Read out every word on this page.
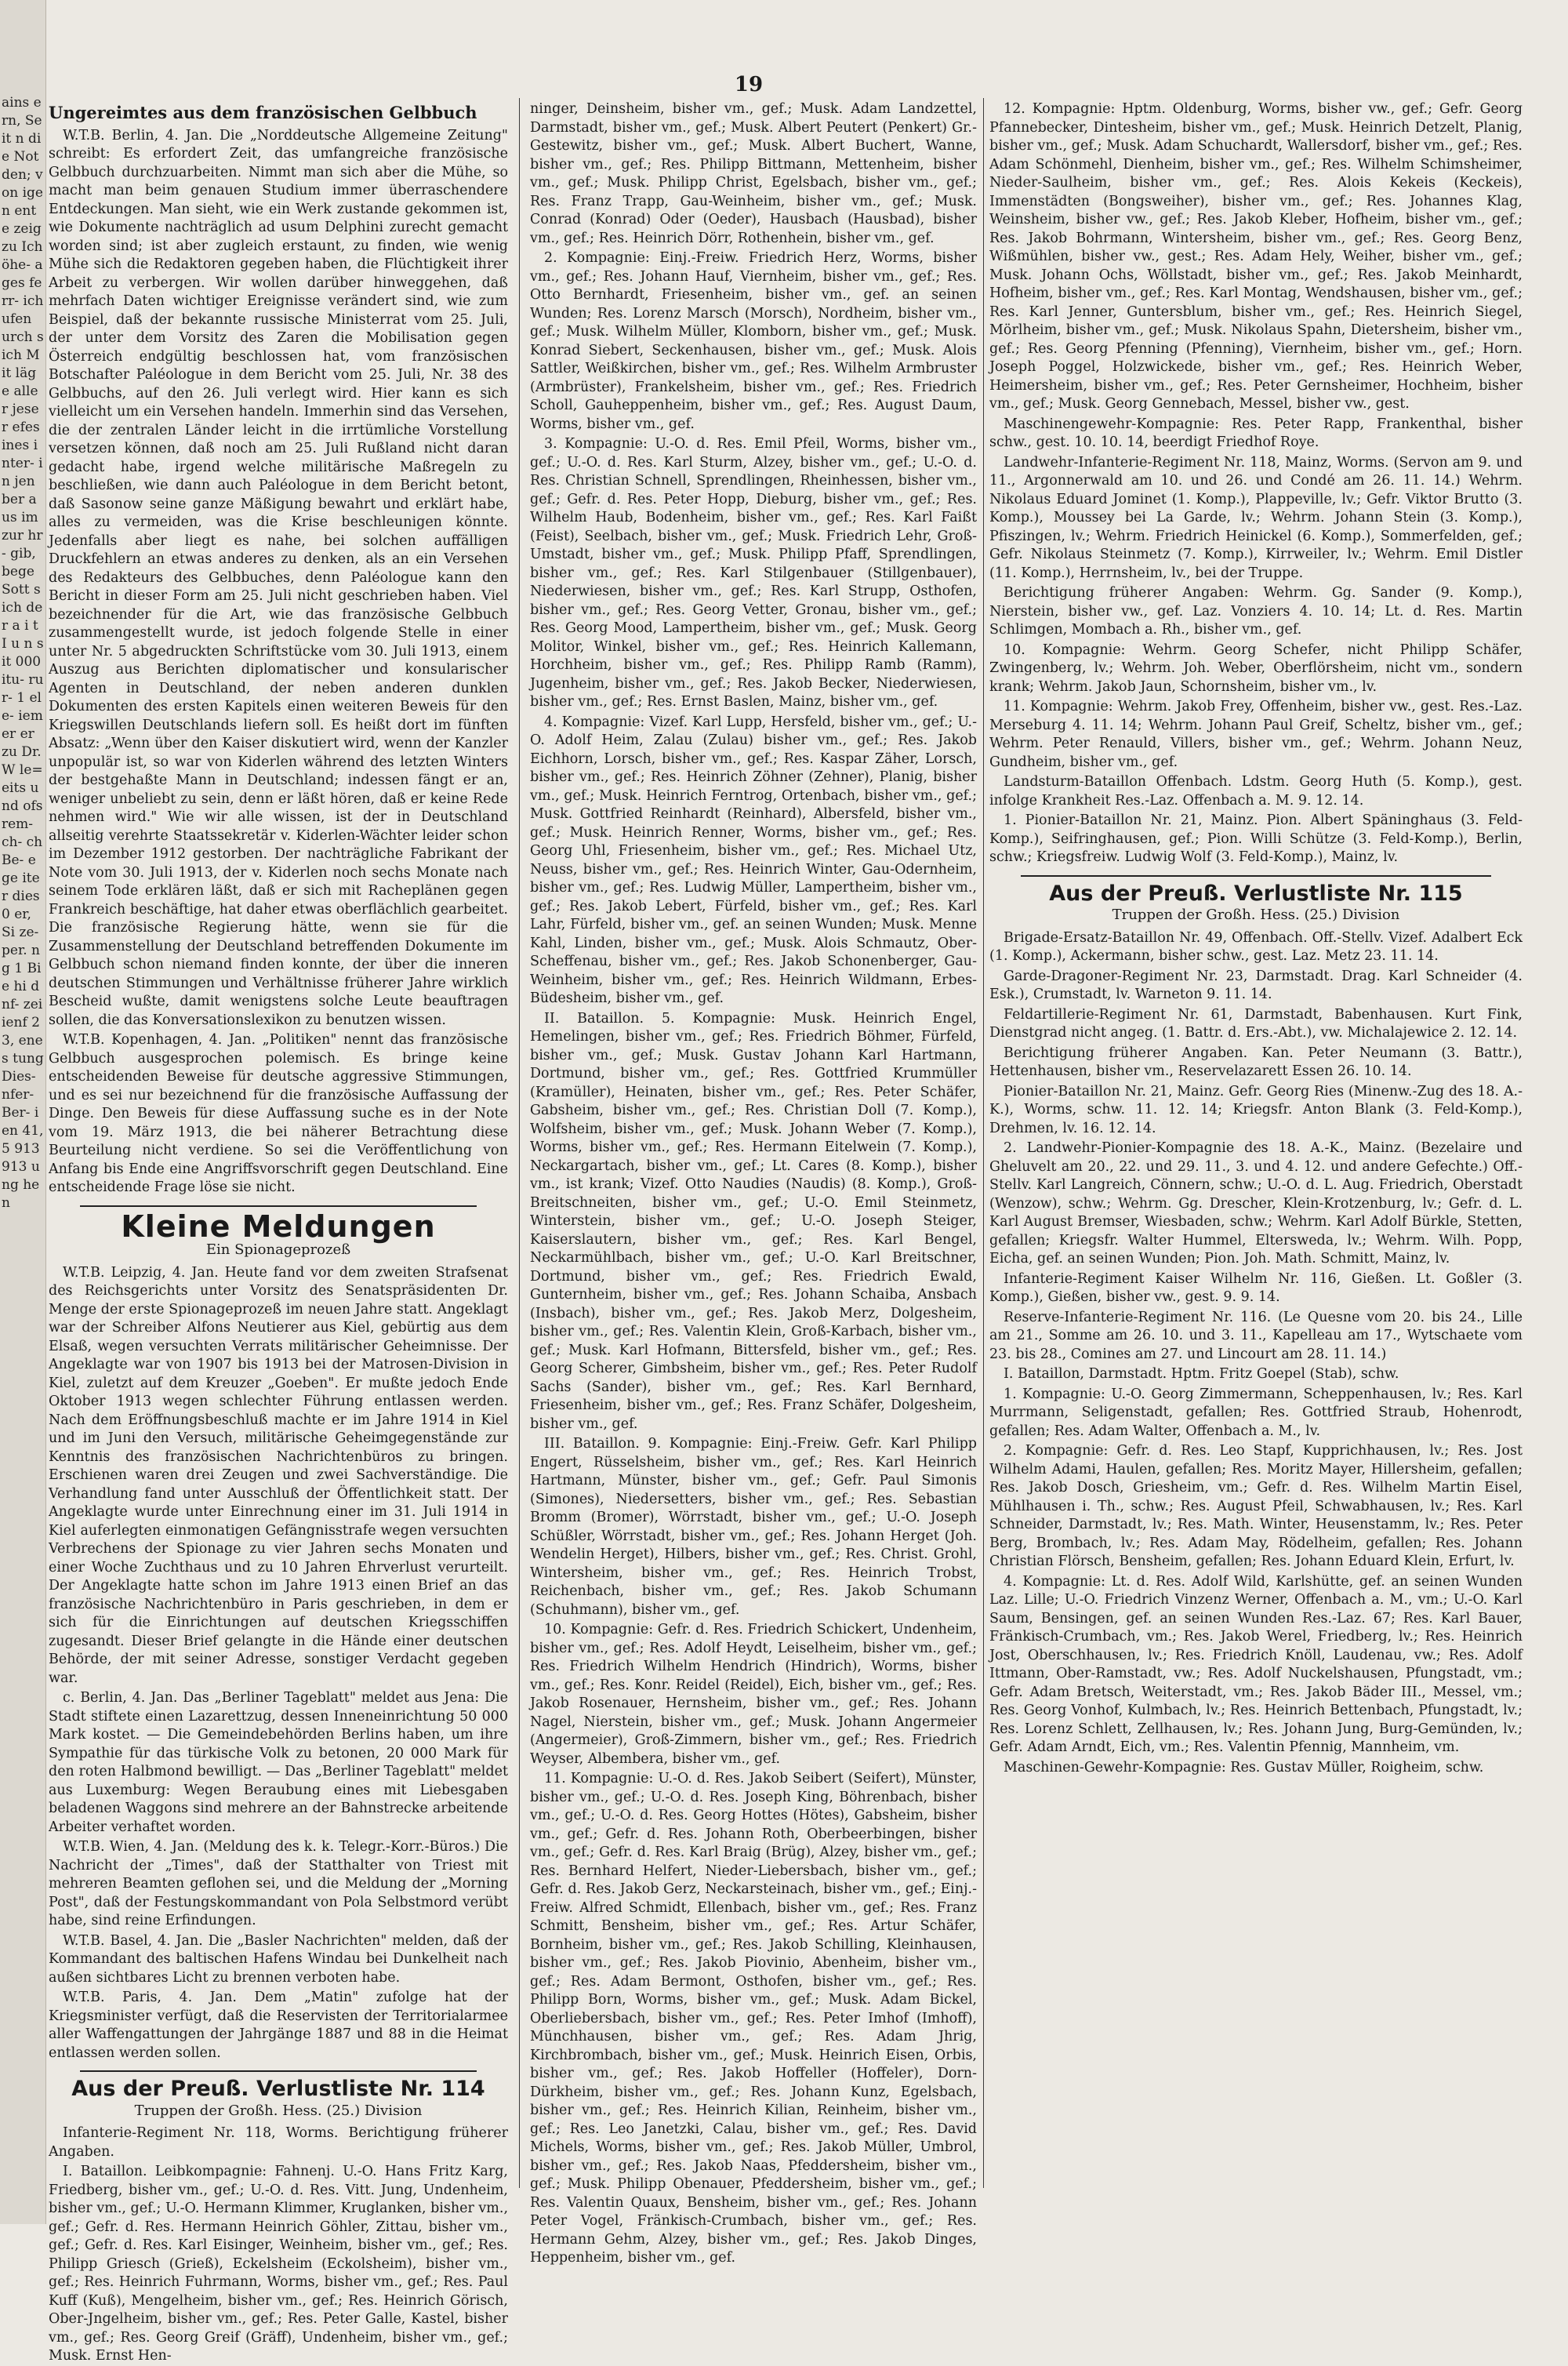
ains ern, Seit n die Not den; von igen ente zeig zu Ich öhe- ages ferr- ich ufen urch sich Mit läge aller jeser efes ines inter- in jen ber aus im zur hr- gib, bege Sott sich der a i t I u n sit 000 itu- rur- 1 ele- iem er er zu Dr. W le= eits und ofs rem- ch- ch Be- ege iter dies 0 er, Si ze- per. ng 1 Bie hi d nf- zei ienf 23, enes tung Dies- nfer- Ber- ien 41,5 913 913 ung hen
19
Ungereimtes aus dem französischen Gelbbuch

W.T.B. Berlin, 4. Jan. Die „Norddeutsche Allgemeine Zeitung" schreibt: Es erfordert Zeit, das umfangreiche französische Gelbbuch durchzuarbeiten. Nimmt man sich aber die Mühe, so macht man beim genauen Studium immer überraschendere Entdeckungen. Man sieht, wie ein Werk zustande gekommen ist, wie Dokumente nachträglich ad usum Delphini zurecht gemacht worden sind; ist aber zugleich erstaunt, zu finden, wie wenig Mühe sich die Redaktoren gegeben haben, die Flüchtigkeit ihrer Arbeit zu verbergen. Wir wollen darüber hinweggehen, daß mehrfach Daten wichtiger Ereignisse verändert sind, wie zum Beispiel, daß der bekannte russische Ministerrat vom 25. Juli, der unter dem Vorsitz des Zaren die Mobilisation gegen Österreich endgültig beschlossen hat, vom französischen Botschafter Paléologue in dem Bericht vom 25. Juli, Nr. 38 des Gelbbuchs, auf den 26. Juli verlegt wird. Hier kann es sich vielleicht um ein Versehen handeln. Immerhin sind das Versehen, die der zentralen Länder leicht in die irrtümliche Vorstellung versetzen können, daß noch am 25. Juli Rußland nicht daran gedacht habe, irgend welche militärische Maßregeln zu beschließen, wie dann auch Paléologue in dem Bericht betont, daß Sasonow seine ganze Mäßigung bewahrt und erklärt habe, alles zu vermeiden, was die Krise beschleunigen könnte. Jedenfalls aber liegt es nahe, bei solchen auffälligen Druckfehlern an etwas anderes zu denken, als an ein Versehen des Redakteurs des Gelbbuches, denn Paléologue kann den Bericht in dieser Form am 25. Juli nicht geschrieben haben. Viel bezeichnender für die Art, wie das französische Gelbbuch zusammengestellt wurde, ist jedoch folgende Stelle in einer unter Nr. 5 abgedruckten Schriftstücke vom 30. Juli 1913, einem Auszug aus Berichten diplomatischer und konsularischer Agenten in Deutschland, der neben anderen dunklen Dokumenten des ersten Kapitels einen weiteren Beweis für den Kriegswillen Deutschlands liefern soll. Es heißt dort im fünften Absatz: „Wenn über den Kaiser diskutiert wird, wenn der Kanzler unpopulär ist, so war von Kiderlen während des letzten Winters der bestgehaßte Mann in Deutschland; indessen fängt er an, weniger unbeliebt zu sein, denn er läßt hören, daß er keine Rede nehmen wird." Wie wir alle wissen, ist der in Deutschland allseitig verehrte Staatssekretär v. Kiderlen-Wächter leider schon im Dezember 1912 gestorben. Der nachträgliche Fabrikant der Note vom 30. Juli 1913, der v. Kiderlen noch sechs Monate nach seinem Tode erklären läßt, daß er sich mit Racheplänen gegen Frankreich beschäftige, hat daher etwas oberflächlich gearbeitet. Die französische Regierung hätte, wenn sie für die Zusammenstellung der Deutschland betreffenden Dokumente im Gelbbuch schon niemand finden konnte, der über die inneren deutschen Stimmungen und Verhältnisse früherer Jahre wirklich Bescheid wußte, damit wenigstens solche Leute beauftragen sollen, die das Konversationslexikon zu benutzen wissen.

W.T.B. Kopenhagen, 4. Jan. „Politiken" nennt das französische Gelbbuch ausgesprochen polemisch. Es bringe keine entscheidenden Beweise für deutsche aggressive Stimmungen, und es sei nur bezeichnend für die französische Auffassung der Dinge. Den Beweis für diese Auffassung suche es in der Note vom 19. März 1913, die bei näherer Betrachtung diese Beurteilung nicht verdiene. So sei die Veröffentlichung von Anfang bis Ende eine Angriffsvorschrift gegen Deutschland. Eine entscheidende Frage löse sie nicht.

Kleine Meldungen
Ein Spionageprozeß

W.T.B. Leipzig, 4. Jan. Heute fand vor dem zweiten Strafsenat des Reichsgerichts unter Vorsitz des Senatspräsidenten Dr. Menge der erste Spionageprozeß im neuen Jahre statt. Angeklagt war der Schreiber Alfons Neutierer aus Kiel, gebürtig aus dem Elsaß, wegen versuchten Verrats militärischer Geheimnisse. Der Angeklagte war von 1907 bis 1913 bei der Matrosen-Division in Kiel, zuletzt auf dem Kreuzer „Goeben". Er mußte jedoch Ende Oktober 1913 wegen schlechter Führung entlassen werden. Nach dem Eröffnungsbeschluß machte er im Jahre 1914 in Kiel und im Juni den Versuch, militärische Geheimgegenstände zur Kenntnis des französischen Nachrichtenbüros zu bringen. Erschienen waren drei Zeugen und zwei Sachverständige. Die Verhandlung fand unter Ausschluß der Öffentlichkeit statt. Der Angeklagte wurde unter Einrechnung einer im 31. Juli 1914 in Kiel auferlegten einmonatigen Gefängnisstrafe wegen versuchten Verbrechens der Spionage zu vier Jahren sechs Monaten und einer Woche Zuchthaus und zu 10 Jahren Ehrverlust verurteilt. Der Angeklagte hatte schon im Jahre 1913 einen Brief an das französische Nachrichtenbüro in Paris geschrieben, in dem er sich für die Einrichtungen auf deutschen Kriegsschiffen zugesandt. Dieser Brief gelangte in die Hände einer deutschen Behörde, der mit seiner Adresse, sonstiger Verdacht gegeben war.

c. Berlin, 4. Jan. Das „Berliner Tageblatt" meldet aus Jena: Die Stadt stiftete einen Lazarettzug, dessen Inneneinrichtung 50 000 Mark kostet. — Die Gemeindebehörden Berlins haben, um ihre Sympathie für das türkische Volk zu betonen, 20 000 Mark für den roten Halbmond bewilligt. — Das „Berliner Tageblatt" meldet aus Luxemburg: Wegen Beraubung eines mit Liebesgaben beladenen Waggons sind mehrere an der Bahnstrecke arbeitende Arbeiter verhaftet worden.

W.T.B. Wien, 4. Jan. (Meldung des k. k. Telegr.-Korr.-Büros.) Die Nachricht der „Times", daß der Statthalter von Triest mit mehreren Beamten geflohen sei, und die Meldung der „Morning Post", daß der Festungskommandant von Pola Selbstmord verübt habe, sind reine Erfindungen.

W.T.B. Basel, 4. Jan. Die „Basler Nachrichten" melden, daß der Kommandant des baltischen Hafens Windau bei Dunkelheit nach außen sichtbares Licht zu brennen verboten habe.

W.T.B. Paris, 4. Jan. Dem „Matin" zufolge hat der Kriegsminister verfügt, daß die Reservisten der Territorialarmee aller Waffengattungen der Jahrgänge 1887 und 88 in die Heimat entlassen werden sollen.

Aus der Preuß. Verlustliste Nr. 114
Truppen der Großh. Hess. (25.) Division

Infanterie-Regiment Nr. 118, Worms. Berichtigung früherer Angaben.

I. Bataillon. Leibkompagnie: Fahnenj. U.-O. Hans Fritz Karg, Friedberg, bisher vm., gef.; U.-O. d. Res. Vitt. Jung, Undenheim, bisher vm., gef.; U.-O. Hermann Klimmer, Kruglanken, bisher vm., gef.; Gefr. d. Res. Hermann Heinrich Göhler, Zittau, bisher vm., gef.; Gefr. d. Res. Karl Eisinger, Weinheim, bisher vm., gef.; Res. Philipp Griesch (Grieß), Eckelsheim (Eckolsheim), bisher vm., gef.; Res. Heinrich Fuhrmann, Worms, bisher vm., gef.; Res. Paul Kuff (Kuß), Mengelheim, bisher vm., gef.; Res. Heinrich Görisch, Ober-Jngelheim, bisher vm., gef.; Res. Peter Galle, Kastel, bisher vm., gef.; Res. Georg Greif (Gräff), Undenheim, bisher vm., gef.; Musk. Ernst Hen-

ninger, Deinsheim, bisher vm., gef.; Musk. Adam Landzettel, Darmstadt, bisher vm., gef.; Musk. Albert Peutert (Penkert) Gr.-Gestewitz, bisher vm., gef.; Musk. Albert Buchert, Wanne, bisher vm., gef.; Res. Philipp Bittmann, Mettenheim, bisher vm., gef.; Musk. Philipp Christ, Egelsbach, bisher vm., gef.; Res. Franz Trapp, Gau-Weinheim, bisher vm., gef.; Musk. Conrad (Konrad) Oder (Oeder), Hausbach (Hausbad), bisher vm., gef.; Res. Heinrich Dörr, Rothenhein, bisher vm., gef.

2. Kompagnie: Einj.-Freiw. Friedrich Herz, Worms, bisher vm., gef.; Res. Johann Hauf, Viernheim, bisher vm., gef.; Res. Otto Bernhardt, Friesenheim, bisher vm., gef. an seinen Wunden; Res. Lorenz Marsch (Morsch), Nordheim, bisher vm., gef.; Musk. Wilhelm Müller, Klomborn, bisher vm., gef.; Musk. Konrad Siebert, Seckenhausen, bisher vm., gef.; Musk. Alois Sattler, Weißkirchen, bisher vm., gef.; Res. Wilhelm Armbruster (Armbrüster), Frankelsheim, bisher vm., gef.; Res. Friedrich Scholl, Gauheppenheim, bisher vm., gef.; Res. August Daum, Worms, bisher vm., gef.

3. Kompagnie: U.-O. d. Res. Emil Pfeil, Worms, bisher vm., gef.; U.-O. d. Res. Karl Sturm, Alzey, bisher vm., gef.; U.-O. d. Res. Christian Schnell, Sprendlingen, Rheinhessen, bisher vm., gef.; Gefr. d. Res. Peter Hopp, Dieburg, bisher vm., gef.; Res. Wilhelm Haub, Bodenheim, bisher vm., gef.; Res. Karl Faißt (Feist), Seelbach, bisher vm., gef.; Musk. Friedrich Lehr, Groß-Umstadt, bisher vm., gef.; Musk. Philipp Pfaff, Sprendlingen, bisher vm., gef.; Res. Karl Stilgenbauer (Stillgenbauer), Niederwiesen, bisher vm., gef.; Res. Karl Strupp, Osthofen, bisher vm., gef.; Res. Georg Vetter, Gronau, bisher vm., gef.; Res. Georg Mood, Lampertheim, bisher vm., gef.; Musk. Georg Molitor, Winkel, bisher vm., gef.; Res. Heinrich Kallemann, Horchheim, bisher vm., gef.; Res. Philipp Ramb (Ramm), Jugenheim, bisher vm., gef.; Res. Jakob Becker, Niederwiesen, bisher vm., gef.; Res. Ernst Baslen, Mainz, bisher vm., gef.

4. Kompagnie: Vizef. Karl Lupp, Hersfeld, bisher vm., gef.; U.-O. Adolf Heim, Zalau (Zulau) bisher vm., gef.; Res. Jakob Eichhorn, Lorsch, bisher vm., gef.; Res. Kaspar Zäher, Lorsch, bisher vm., gef.; Res. Heinrich Zöhner (Zehner), Planig, bisher vm., gef.; Musk. Heinrich Ferntrog, Ortenbach, bisher vm., gef.; Musk. Gottfried Reinhardt (Reinhard), Albersfeld, bisher vm., gef.; Musk. Heinrich Renner, Worms, bisher vm., gef.; Res. Georg Uhl, Friesenheim, bisher vm., gef.; Res. Michael Utz, Neuss, bisher vm., gef.; Res. Heinrich Winter, Gau-Odernheim, bisher vm., gef.; Res. Ludwig Müller, Lampertheim, bisher vm., gef.; Res. Jakob Lebert, Fürfeld, bisher vm., gef.; Res. Karl Lahr, Fürfeld, bisher vm., gef. an seinen Wunden; Musk. Menne Kahl, Linden, bisher vm., gef.; Musk. Alois Schmautz, Ober-Scheffenau, bisher vm., gef.; Res. Jakob Schonenberger, Gau-Weinheim, bisher vm., gef.; Res. Heinrich Wildmann, Erbes-Büdesheim, bisher vm., gef.

II. Bataillon. 5. Kompagnie: Musk. Heinrich Engel, Hemelingen, bisher vm., gef.; Res. Friedrich Böhmer, Fürfeld, bisher vm., gef.; Musk. Gustav Johann Karl Hartmann, Dortmund, bisher vm., gef.; Res. Gottfried Krummüller (Kramüller), Heinaten, bisher vm., gef.; Res. Peter Schäfer, Gabsheim, bisher vm., gef.; Res. Christian Doll (7. Komp.), Wolfsheim, bisher vm., gef.; Musk. Johann Weber (7. Komp.), Worms, bisher vm., gef.; Res. Hermann Eitelwein (7. Komp.), Neckargartach, bisher vm., gef.; Lt. Cares (8. Komp.), bisher vm., ist krank; Vizef. Otto Naudies (Naudis) (8. Komp.), Groß-Breitschneiten, bisher vm., gef.; U.-O. Emil Steinmetz, Winterstein, bisher vm., gef.; U.-O. Joseph Steiger, Kaiserslautern, bisher vm., gef.; Res. Karl Bengel, Neckarmühlbach, bisher vm., gef.; U.-O. Karl Breitschner, Dortmund, bisher vm., gef.; Res. Friedrich Ewald, Gunternheim, bisher vm., gef.; Res. Johann Schaiba, Ansbach (Insbach), bisher vm., gef.; Res. Jakob Merz, Dolgesheim, bisher vm., gef.; Res. Valentin Klein, Groß-Karbach, bisher vm., gef.; Musk. Karl Hofmann, Bittersfeld, bisher vm., gef.; Res. Georg Scherer, Gimbsheim, bisher vm., gef.; Res. Peter Rudolf Sachs (Sander), bisher vm., gef.; Res. Karl Bernhard, Friesenheim, bisher vm., gef.; Res. Franz Schäfer, Dolgesheim, bisher vm., gef.

III. Bataillon. 9. Kompagnie: Einj.-Freiw. Gefr. Karl Philipp Engert, Rüsselsheim, bisher vm., gef.; Res. Karl Heinrich Hartmann, Münster, bisher vm., gef.; Gefr. Paul Simonis (Simones), Niedersetters, bisher vm., gef.; Res. Sebastian Bromm (Bromer), Wörrstadt, bisher vm., gef.; U.-O. Joseph Schüßler, Wörrstadt, bisher vm., gef.; Res. Johann Herget (Joh. Wendelin Herget), Hilbers, bisher vm., gef.; Res. Christ. Grohl, Wintersheim, bisher vm., gef.; Res. Heinrich Trobst, Reichenbach, bisher vm., gef.; Res. Jakob Schumann (Schuhmann), bisher vm., gef.

10. Kompagnie: Gefr. d. Res. Friedrich Schickert, Undenheim, bisher vm., gef.; Res. Adolf Heydt, Leiselheim, bisher vm., gef.; Res. Friedrich Wilhelm Hendrich (Hindrich), Worms, bisher vm., gef.; Res. Konr. Reidel (Reidel), Eich, bisher vm., gef.; Res. Jakob Rosenauer, Hernsheim, bisher vm., gef.; Res. Johann Nagel, Nierstein, bisher vm., gef.; Musk. Johann Angermeier (Angermeier), Groß-Zimmern, bisher vm., gef.; Res. Friedrich Weyser, Albembera, bisher vm., gef.

11. Kompagnie: U.-O. d. Res. Jakob Seibert (Seifert), Münster, bisher vm., gef.; U.-O. d. Res. Joseph King, Böhrenbach, bisher vm., gef.; U.-O. d. Res. Georg Hottes (Hötes), Gabsheim, bisher vm., gef.; Gefr. d. Res. Johann Roth, Oberbeerbingen, bisher vm., gef.; Gefr. d. Res. Karl Braig (Brüg), Alzey, bisher vm., gef.; Res. Bernhard Helfert, Nieder-Liebersbach, bisher vm., gef.; Gefr. d. Res. Jakob Gerz, Neckarsteinach, bisher vm., gef.; Einj.-Freiw. Alfred Schmidt, Ellenbach, bisher vm., gef.; Res. Franz Schmitt, Bensheim, bisher vm., gef.; Res. Artur Schäfer, Bornheim, bisher vm., gef.; Res. Jakob Schilling, Kleinhausen, bisher vm., gef.; Res. Jakob Piovinio, Abenheim, bisher vm., gef.; Res. Adam Bermont, Osthofen, bisher vm., gef.; Res. Philipp Born, Worms, bisher vm., gef.; Musk. Adam Bickel, Oberliebersbach, bisher vm., gef.; Res. Peter Imhof (Imhoff), Münchhausen, bisher vm., gef.; Res. Adam Jhrig, Kirchbrombach, bisher vm., gef.; Musk. Heinrich Eisen, Orbis, bisher vm., gef.; Res. Jakob Hoffeller (Hoffeler), Dorn-Dürkheim, bisher vm., gef.; Res. Johann Kunz, Egelsbach, bisher vm., gef.; Res. Heinrich Kilian, Reinheim, bisher vm., gef.; Res. Leo Janetzki, Calau, bisher vm., gef.; Res. David Michels, Worms, bisher vm., gef.; Res. Jakob Müller, Umbrol, bisher vm., gef.; Res. Jakob Naas, Pfeddersheim, bisher vm., gef.; Musk. Philipp Obenauer, Pfeddersheim, bisher vm., gef.; Res. Valentin Quaux, Bensheim, bisher vm., gef.; Res. Johann Peter Vogel, Fränkisch-Crumbach, bisher vm., gef.; Res. Hermann Gehm, Alzey, bisher vm., gef.; Res. Jakob Dinges, Heppenheim, bisher vm., gef.

12. Kompagnie: Hptm. Oldenburg, Worms, bisher vw., gef.; Gefr. Georg Pfannebecker, Dintesheim, bisher vm., gef.; Musk. Heinrich Detzelt, Planig, bisher vm., gef.; Musk. Adam Schuchardt, Wallersdorf, bisher vm., gef.; Res. Adam Schönmehl, Dienheim, bisher vm., gef.; Res. Wilhelm Schimsheimer, Nieder-Saulheim, bisher vm., gef.; Res. Alois Kekeis (Keckeis), Immenstädten (Bongsweiher), bisher vm., gef.; Res. Johannes Klag, Weinsheim, bisher vw., gef.; Res. Jakob Kleber, Hofheim, bisher vm., gef.; Res. Jakob Bohrmann, Wintersheim, bisher vm., gef.; Res. Georg Benz, Wißmühlen, bisher vw., gest.; Res. Adam Hely, Weiher, bisher vm., gef.; Musk. Johann Ochs, Wöllstadt, bisher vm., gef.; Res. Jakob Meinhardt, Hofheim, bisher vm., gef.; Res. Karl Montag, Wendshausen, bisher vm., gef.; Res. Karl Jenner, Guntersblum, bisher vm., gef.; Res. Heinrich Siegel, Mörlheim, bisher vm., gef.; Musk. Nikolaus Spahn, Dietersheim, bisher vm., gef.; Res. Georg Pfenning (Pfenning), Viernheim, bisher vm., gef.; Horn. Joseph Poggel, Holzwickede, bisher vm., gef.; Res. Heinrich Weber, Heimersheim, bisher vm., gef.; Res. Peter Gernsheimer, Hochheim, bisher vm., gef.; Musk. Georg Gennebach, Messel, bisher vw., gest.

Maschinengewehr-Kompagnie: Res. Peter Rapp, Frankenthal, bisher schw., gest. 10. 10. 14, beerdigt Friedhof Roye.

Landwehr-Infanterie-Regiment Nr. 118, Mainz, Worms. (Servon am 9. und 11., Argonnerwald am 10. und 26. und Condé am 26. 11. 14.) Wehrm. Nikolaus Eduard Jominet (1. Komp.), Plappeville, lv.; Gefr. Viktor Brutto (3. Komp.), Moussey bei La Garde, lv.; Wehrm. Johann Stein (3. Komp.), Pfiszingen, lv.; Wehrm. Friedrich Heinickel (6. Komp.), Sommerfelden, gef.; Gefr. Nikolaus Steinmetz (7. Komp.), Kirrweiler, lv.; Wehrm. Emil Distler (11. Komp.), Herrnsheim, lv., bei der Truppe.

Berichtigung früherer Angaben: Wehrm. Gg. Sander (9. Komp.), Nierstein, bisher vw., gef. Laz. Vonziers 4. 10. 14; Lt. d. Res. Martin Schlimgen, Mombach a. Rh., bisher vm., gef.

10. Kompagnie: Wehrm. Georg Schefer, nicht Philipp Schäfer, Zwingenberg, lv.; Wehrm. Joh. Weber, Oberflörsheim, nicht vm., sondern krank; Wehrm. Jakob Jaun, Schornsheim, bisher vm., lv.

11. Kompagnie: Wehrm. Jakob Frey, Offenheim, bisher vw., gest. Res.-Laz. Merseburg 4. 11. 14; Wehrm. Johann Paul Greif, Scheltz, bisher vm., gef.; Wehrm. Peter Renauld, Villers, bisher vm., gef.; Wehrm. Johann Neuz, Gundheim, bisher vm., gef.

Landsturm-Bataillon Offenbach. Ldstm. Georg Huth (5. Komp.), gest. infolge Krankheit Res.-Laz. Offenbach a. M. 9. 12. 14.

1. Pionier-Bataillon Nr. 21, Mainz. Pion. Albert Späninghaus (3. Feld-Komp.), Seifringhausen, gef.; Pion. Willi Schütze (3. Feld-Komp.), Berlin, schw.; Kriegsfreiw. Ludwig Wolf (3. Feld-Komp.), Mainz, lv.

Aus der Preuß. Verlustliste Nr. 115
Truppen der Großh. Hess. (25.) Division

Brigade-Ersatz-Bataillon Nr. 49, Offenbach. Off.-Stellv. Vizef. Adalbert Eck (1. Komp.), Ackermann, bisher schw., gest. Laz. Metz 23. 11. 14.

Garde-Dragoner-Regiment Nr. 23, Darmstadt. Drag. Karl Schneider (4. Esk.), Crumstadt, lv. Warneton 9. 11. 14.

Feldartillerie-Regiment Nr. 61, Darmstadt, Babenhausen. Kurt Fink, Dienstgrad nicht angeg. (1. Battr. d. Ers.-Abt.), vw. Michalajewice 2. 12. 14.

Berichtigung früherer Angaben. Kan. Peter Neumann (3. Battr.), Hettenhausen, bisher vm., Reservelazarett Essen 26. 10. 14.

Pionier-Bataillon Nr. 21, Mainz. Gefr. Georg Ries (Minenw.-Zug des 18. A.-K.), Worms, schw. 11. 12. 14; Kriegsfr. Anton Blank (3. Feld-Komp.), Drehmen, lv. 16. 12. 14.

2. Landwehr-Pionier-Kompagnie des 18. A.-K., Mainz. (Bezelaire und Gheluvelt am 20., 22. und 29. 11., 3. und 4. 12. und andere Gefechte.) Off.-Stellv. Karl Langreich, Cönnern, schw.; U.-O. d. L. Aug. Friedrich, Oberstadt (Wenzow), schw.; Wehrm. Gg. Drescher, Klein-Krotzenburg, lv.; Gefr. d. L. Karl August Bremser, Wiesbaden, schw.; Wehrm. Karl Adolf Bürkle, Stetten, gefallen; Kriegsfr. Walter Hummel, Eltersweda, lv.; Wehrm. Wilh. Popp, Eicha, gef. an seinen Wunden; Pion. Joh. Math. Schmitt, Mainz, lv.

Infanterie-Regiment Kaiser Wilhelm Nr. 116, Gießen. Lt. Goßler (3. Komp.), Gießen, bisher vw., gest. 9. 9. 14.

Reserve-Infanterie-Regiment Nr. 116. (Le Quesne vom 20. bis 24., Lille am 21., Somme am 26. 10. und 3. 11., Kapelleau am 17., Wytschaete vom 23. bis 28., Comines am 27. und Lincourt am 28. 11. 14.)

I. Bataillon, Darmstadt. Hptm. Fritz Goepel (Stab), schw.

1. Kompagnie: U.-O. Georg Zimmermann, Scheppenhausen, lv.; Res. Karl Murrmann, Seligenstadt, gefallen; Res. Gottfried Straub, Hohenrodt, gefallen; Res. Adam Walter, Offenbach a. M., lv.

2. Kompagnie: Gefr. d. Res. Leo Stapf, Kupprichhausen, lv.; Res. Jost Wilhelm Adami, Haulen, gefallen; Res. Moritz Mayer, Hillersheim, gefallen; Res. Jakob Dosch, Griesheim, vm.; Gefr. d. Res. Wilhelm Martin Eisel, Mühlhausen i. Th., schw.; Res. August Pfeil, Schwabhausen, lv.; Res. Karl Schneider, Darmstadt, lv.; Res. Math. Winter, Heusenstamm, lv.; Res. Peter Berg, Brombach, lv.; Res. Adam May, Rödelheim, gefallen; Res. Johann Christian Flörsch, Bensheim, gefallen; Res. Johann Eduard Klein, Erfurt, lv.

4. Kompagnie: Lt. d. Res. Adolf Wild, Karlshütte, gef. an seinen Wunden Laz. Lille; U.-O. Friedrich Vinzenz Werner, Offenbach a. M., vm.; U.-O. Karl Saum, Bensingen, gef. an seinen Wunden Res.-Laz. 67; Res. Karl Bauer, Fränkisch-Crumbach, vm.; Res. Jakob Werel, Friedberg, lv.; Res. Heinrich Jost, Oberschhausen, lv.; Res. Friedrich Knöll, Laudenau, vw.; Res. Adolf Ittmann, Ober-Ramstadt, vw.; Res. Adolf Nuckelshausen, Pfungstadt, vm.; Gefr. Adam Bretsch, Weiterstadt, vm.; Res. Jakob Bäder III., Messel, vm.; Res. Georg Vonhof, Kulmbach, lv.; Res. Heinrich Bettenbach, Pfungstadt, lv.; Res. Lorenz Schlett, Zellhausen, lv.; Res. Johann Jung, Burg-Gemünden, lv.; Gefr. Adam Arndt, Eich, vm.; Res. Valentin Pfennig, Mannheim, vm.

Maschinen-Gewehr-Kompagnie: Res. Gustav Müller, Roigheim, schw.
